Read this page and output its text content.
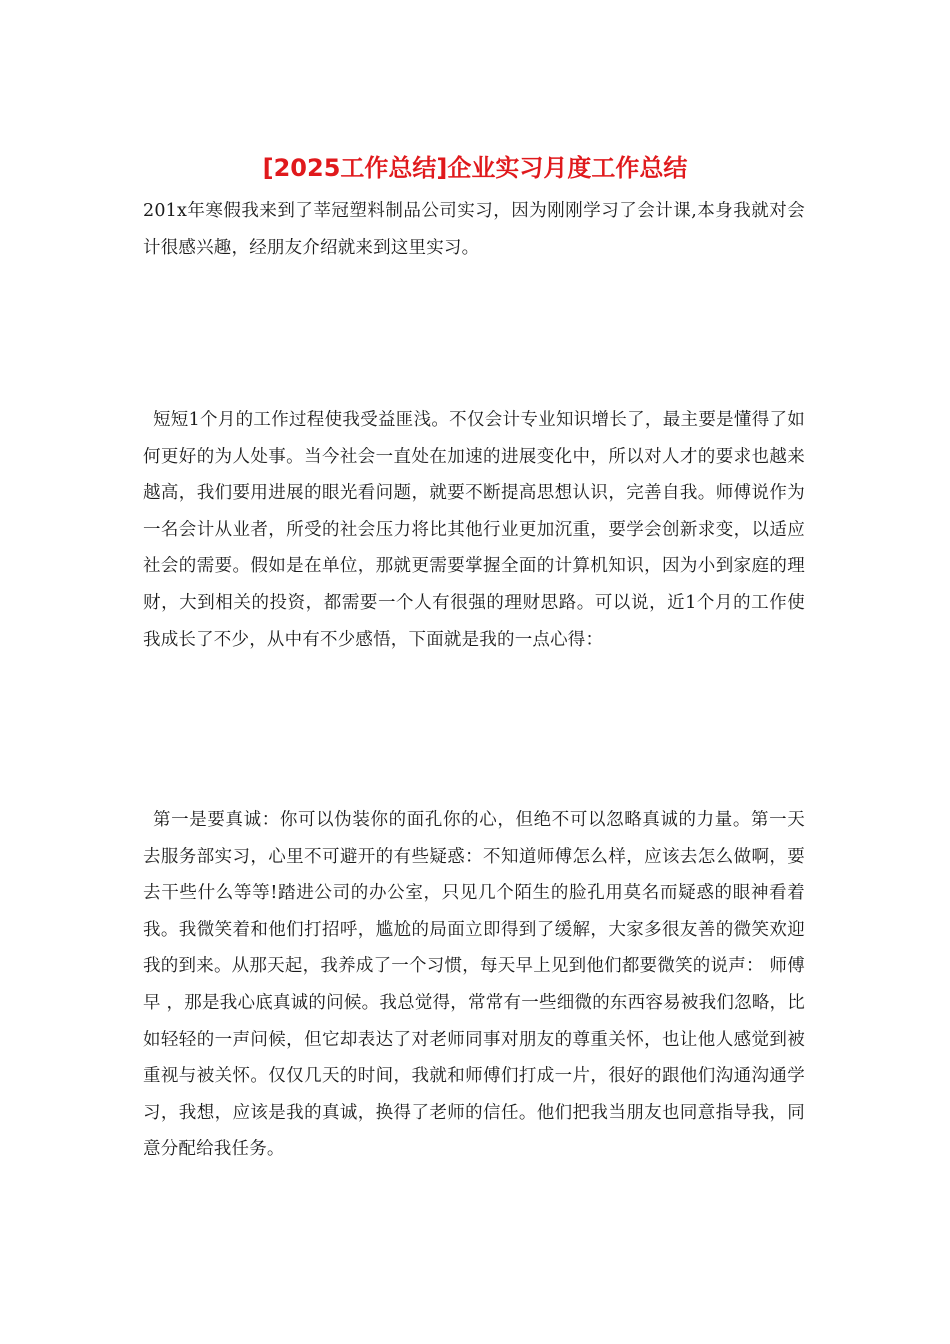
[2025工作总结]企业实习月度工作总结

201x年寒假我来到了莘冠塑料制品公司实习，因为刚刚学习了会计课,本身我就对会计很感兴趣，经朋友介绍就来到这里实习。

短短1个月的工作过程使我受益匪浅。不仅会计专业知识增长了，最主要是懂得了如何更好的为人处事。当今社会一直处在加速的进展变化中，所以对人才的要求也越来越高，我们要用进展的眼光看问题，就要不断提高思想认识，完善自我。师傅说作为一名会计从业者，所受的社会压力将比其他行业更加沉重，要学会创新求变，以适应社会的需要。假如是在单位，那就更需要掌握全面的计算机知识，因为小到家庭的理财，大到相关的投资，都需要一个人有很强的理财思路。可以说，近1个月的工作使我成长了不少，从中有不少感悟，下面就是我的一点心得：

第一是要真诚：你可以伪装你的面孔你的心，但绝不可以忽略真诚的力量。第一天去服务部实习，心里不可避开的有些疑惑：不知道师傅怎么样，应该去怎么做啊，要去干些什么等等!踏进公司的办公室，只见几个陌生的脸孔用莫名而疑惑的眼神看着我。我微笑着和他们打招呼，尴尬的局面立即得到了缓解，大家多很友善的微笑欢迎我的到来。从那天起，我养成了一个习惯，每天早上见到他们都要微笑的说声： 师傅早 ，那是我心底真诚的问候。我总觉得，常常有一些细微的东西容易被我们忽略，比如轻轻的一声问候，但它却表达了对老师同事对朋友的尊重关怀，也让他人感觉到被重视与被关怀。仅仅几天的时间，我就和师傅们打成一片，很好的跟他们沟通沟通学习，我想，应该是我的真诚，换得了老师的信任。他们把我当朋友也同意指导我，同意分配给我任务。
